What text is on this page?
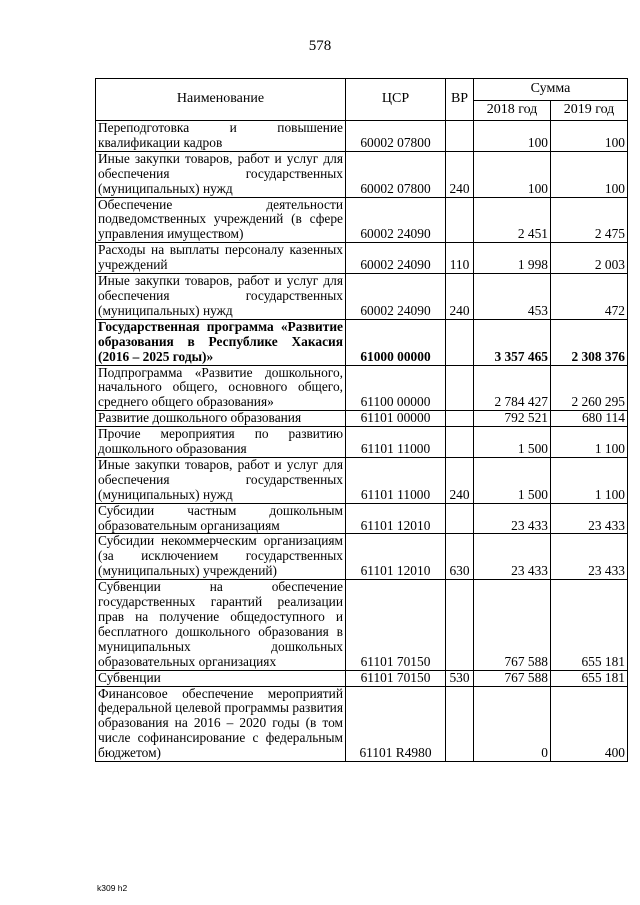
578
Наименование	ЦСР	ВР	Сумма	
			2018 год	2019 год
Переподготовка и повышение квалификации кадров	60002 07800		100	100
Иные закупки товаров, работ и услуг для обеспечения государственных (муниципальных) нужд	60002 07800	240	100	100
Обеспечение деятельности подведомственных учреждений (в сфере управления имуществом)	60002 24090		2 451	2 475
Расходы на выплаты персоналу казенных учреждений	60002 24090	110	1 998	2 003
Иные закупки товаров, работ и услуг для обеспечения государственных (муниципальных) нужд	60002 24090	240	453	472
Государственная программа «Развитие образования в Республике Хакасия (2016 – 2025 годы)»	61000 00000		3 357 465	2 308 376
Подпрограмма «Развитие дошкольного, начального общего, основного общего, среднего общего образования»	61100 00000		2 784 427	2 260 295
Развитие дошкольного образования	61101 00000		792 521	680 114
Прочие мероприятия по развитию дошкольного образования	61101 11000		1 500	1 100
Иные закупки товаров, работ и услуг для обеспечения государственных (муниципальных) нужд	61101 11000	240	1 500	1 100
Субсидии частным дошкольным образовательным организациям	61101 12010		23 433	23 433
Субсидии некоммерческим организациям (за исключением государственных (муниципальных) учреждений)	61101 12010	630	23 433	23 433
Субвенции на обеспечение государственных гарантий реализации прав на получение общедоступного и бесплатного дошкольного образования в муниципальных дошкольных образовательных организациях	61101 70150		767 588	655 181
Субвенции	61101 70150	530	767 588	655 181
Финансовое обеспечение мероприятий федеральной целевой программы развития образования на 2016 – 2020 годы (в том числе софинансирование с федеральным бюджетом)	61101 R4980		0	400
k309 h2
